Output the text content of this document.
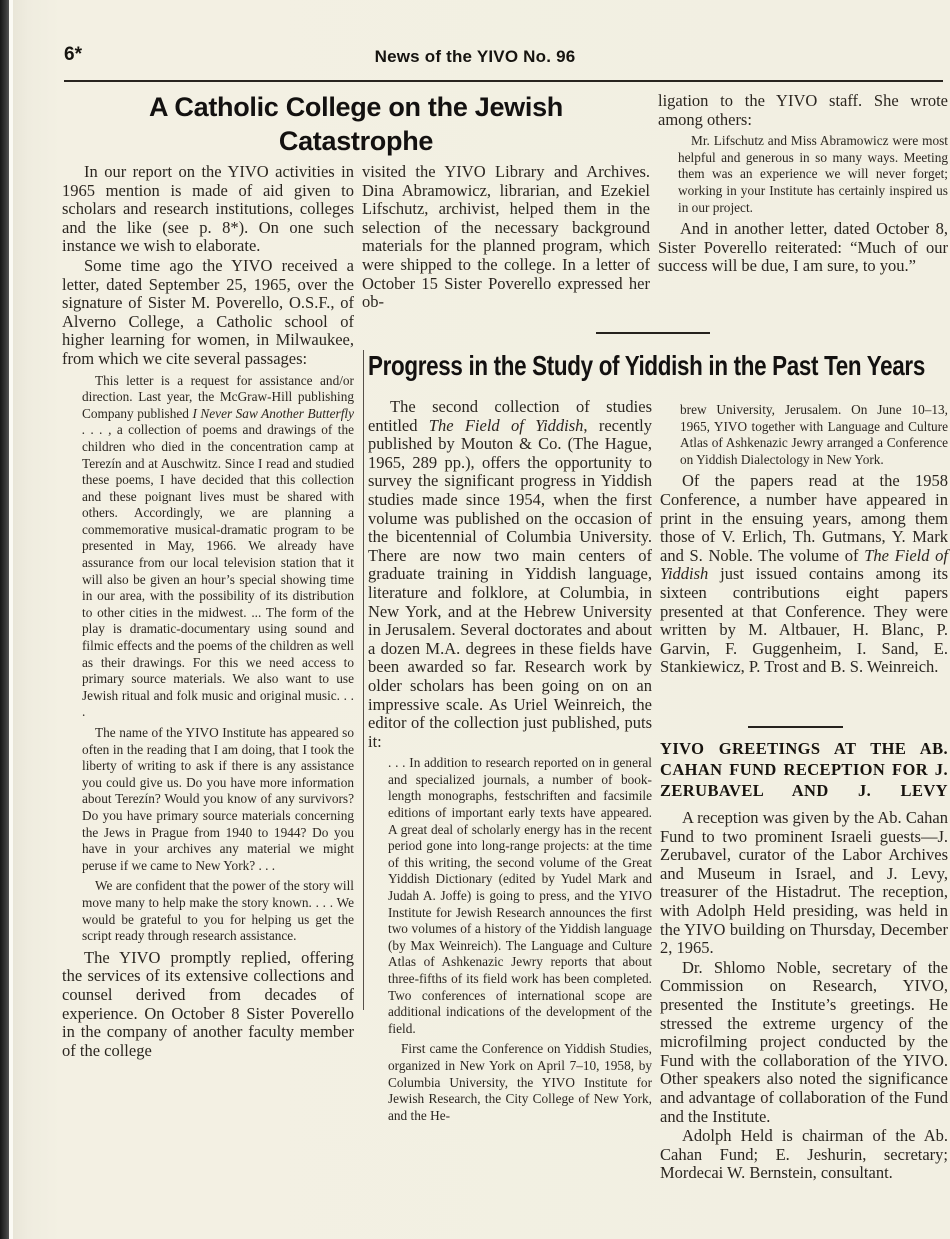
6*	News of the YIVO No. 96
A Catholic College on the Jewish
Catastrophe

In our report on the YIVO activities in 1965 mention is made of aid given to scholars and research institutions, colleges and the like (see p. 8*). On one such instance we wish to elaborate.

Some time ago the YIVO received a letter, dated September 25, 1965, over the signature of Sister M. Poverello, O.S.F., of Alverno College, a Catholic school of higher learning for women, in Milwaukee, from which we cite several passages:

This letter is a request for assistance and/or direction. Last year, the McGraw-Hill publishing Company published I Never Saw Another Butterfly . . . , a collection of poems and drawings of the children who died in the concentration camp at Terezín and at Auschwitz. Since I read and studied these poems, I have decided that this collection and these poignant lives must be shared with others. Accordingly, we are planning a commemorative musical-dramatic program to be presented in May, 1966. We already have assurance from our local television station that it will also be given an hour’s special showing time in our area, with the possibility of its distribution to other cities in the midwest. ... The form of the play is dramatic-documentary using sound and filmic effects and the poems of the children as well as their drawings. For this we need access to primary source materials. We also want to use Jewish ritual and folk music and original music. . . .

The name of the YIVO Institute has appeared so often in the reading that I am doing, that I took the liberty of writing to ask if there is any assistance you could give us. Do you have more information about Terezín? Would you know of any survivors? Do you have primary source materials concerning the Jews in Prague from 1940 to 1944? Do you have in your archives any material we might peruse if we came to New York? . . .

We are confident that the power of the story will move many to help make the story known. . . . We would be grateful to you for helping us get the script ready through research assistance.

The YIVO promptly replied, offering the services of its extensive collections and counsel derived from decades of experience. On October 8 Sister Poverello in the company of another faculty member of the college

visited the YIVO Library and Archives. Dina Abramowicz, librarian, and Ezekiel Lifschutz, archivist, helped them in the selection of the necessary background materials for the planned program, which were shipped to the college. In a letter of October 15 Sister Poverello expressed her ob-

ligation to the YIVO staff. She wrote among others:

Mr. Lifschutz and Miss Abramowicz were most helpful and generous in so many ways. Meeting them was an experience we will never forget; working in your Institute has certainly inspired us in our project.

And in another letter, dated October 8, Sister Poverello reiterated: “Much of our success will be due, I am sure, to you.”

Progress in the Study of Yiddish in the Past Ten Years

The second collection of studies entitled The Field of Yiddish, recently published by Mouton & Co. (The Hague, 1965, 289 pp.), offers the opportunity to survey the significant progress in Yiddish studies made since 1954, when the first volume was published on the occasion of the bicentennial of Columbia University. There are now two main centers of graduate training in Yiddish language, literature and folklore, at Columbia, in New York, and at the Hebrew University in Jerusalem. Several doctorates and about a dozen M.A. degrees in these fields have been awarded so far. Research work by older scholars has been going on on an impressive scale. As Uriel Weinreich, the editor of the collection just published, puts it:

. . . In addition to research reported on in general and specialized journals, a number of book-length monographs, festschriften and facsimile editions of important early texts have appeared. A great deal of scholarly energy has in the recent period gone into long-range projects: at the time of this writing, the second volume of the Great Yiddish Dictionary (edited by Yudel Mark and Judah A. Joffe) is going to press, and the YIVO Institute for Jewish Research announces the first two volumes of a history of the Yiddish language (by Max Weinreich). The Language and Culture Atlas of Ashkenazic Jewry reports that about three-fifths of its field work has been completed. Two conferences of international scope are additional indications of the development of the field.

First came the Conference on Yiddish Studies, organized in New York on April 7–10, 1958, by Columbia University, the YIVO Institute for Jewish Research, the City College of New York, and the He-

brew University, Jerusalem. On June 10–13, 1965, YIVO together with Language and Culture Atlas of Ashkenazic Jewry arranged a Conference on Yiddish Dialectology in New York.

Of the papers read at the 1958 Conference, a number have appeared in print in the ensuing years, among them those of V. Erlich, Th. Gutmans, Y. Mark and S. Noble. The volume of The Field of Yiddish just issued contains among its sixteen contributions eight papers presented at that Conference. They were written by M. Altbauer, H. Blanc, P. Garvin, F. Guggenheim, I. Sand, E. Stankiewicz, P. Trost and B. S. Weinreich.

YIVO GREETINGS AT THE AB. CAHAN FUND RECEPTION FOR J. ZERUBAVEL AND J. LEVY

A reception was given by the Ab. Cahan Fund to two prominent Israeli guests—J. Zerubavel, curator of the Labor Archives and Museum in Israel, and J. Levy, treasurer of the Histadrut. The reception, with Adolph Held presiding, was held in the YIVO building on Thursday, December 2, 1965.

Dr. Shlomo Noble, secretary of the Commission on Research, YIVO, presented the Institute’s greetings. He stressed the extreme urgency of the microfilming project conducted by the Fund with the collaboration of the YIVO. Other speakers also noted the significance and advantage of collaboration of the Fund and the Institute.

Adolph Held is chairman of the Ab. Cahan Fund; E. Jeshurin, secretary; Mordecai W. Bernstein, consultant.
